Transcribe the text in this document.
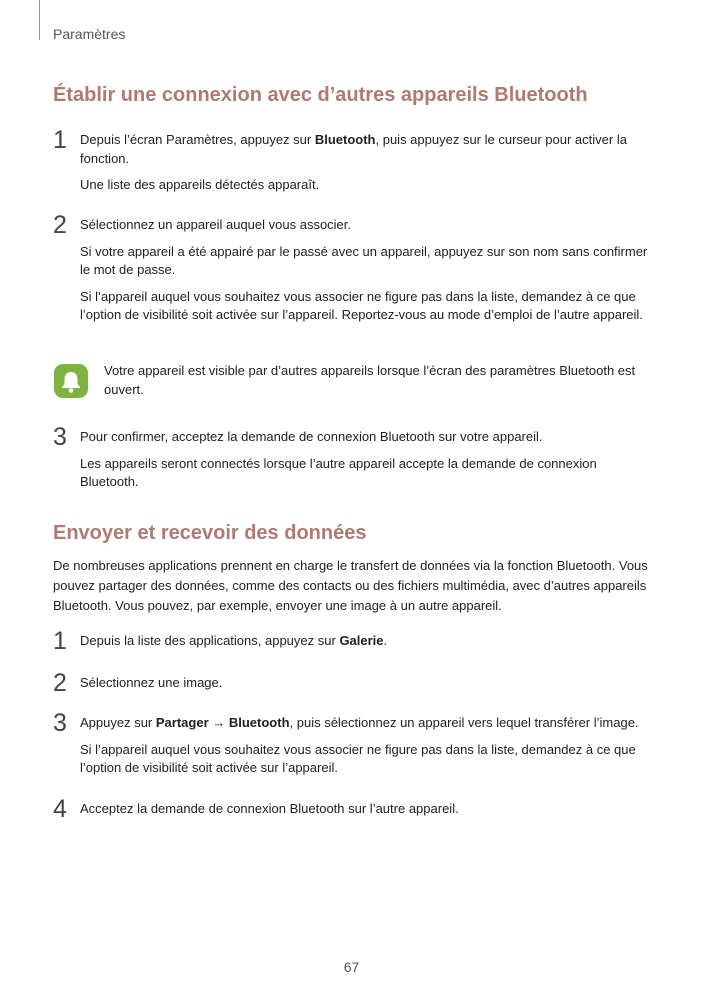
Paramètres
Établir une connexion avec d’autres appareils Bluetooth
1 Depuis l’écran Paramètres, appuyez sur Bluetooth, puis appuyez sur le curseur pour activer la fonction.

Une liste des appareils détectés apparaît.

2 Sélectionnez un appareil auquel vous associer.

Si votre appareil a été appairé par le passé avec un appareil, appuyez sur son nom sans confirmer le mot de passe.

Si l’appareil auquel vous souhaitez vous associer ne figure pas dans la liste, demandez à ce que l’option de visibilité soit activée sur l’appareil. Reportez-vous au mode d’emploi de l’autre appareil.

Votre appareil est visible par d’autres appareils lorsque l’écran des paramètres Bluetooth est ouvert.
3 Pour confirmer, acceptez la demande de connexion Bluetooth sur votre appareil.

Les appareils seront connectés lorsque l’autre appareil accepte la demande de connexion Bluetooth.

Envoyer et recevoir des données
De nombreuses applications prennent en charge le transfert de données via la fonction Bluetooth. Vous pouvez partager des données, comme des contacts ou des fichiers multimédia, avec d’autres appareils Bluetooth. Vous pouvez, par exemple, envoyer une image à un autre appareil.
1 Depuis la liste des applications, appuyez sur Galerie.

2 Sélectionnez une image.

3 Appuyez sur Partager → Bluetooth, puis sélectionnez un appareil vers lequel transférer l’image.

Si l’appareil auquel vous souhaitez vous associer ne figure pas dans la liste, demandez à ce que l’option de visibilité soit activée sur l’appareil.

4 Acceptez la demande de connexion Bluetooth sur l’autre appareil.

67
